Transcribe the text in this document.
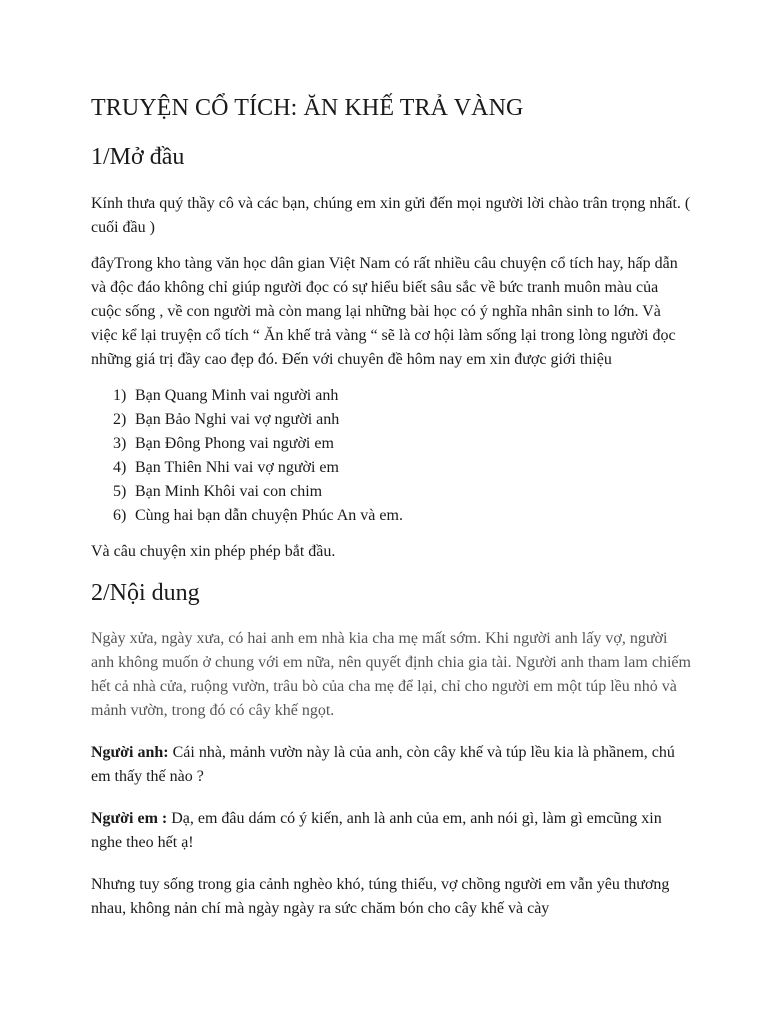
TRUYỆN CỔ TÍCH: ĂN KHẾ TRẢ VÀNG
1/Mở đầu

Kính thưa quý thầy cô và các bạn, chúng em xin gửi đến mọi người lời chào trân trọng nhất. ( cuối đầu )

đâyTrong kho tàng văn học dân gian Việt Nam có rất nhiều câu chuyện cổ tích hay, hấp dẫn và độc đáo không chỉ giúp người đọc có sự hiểu biết sâu sắc về bức tranh muôn màu của cuộc sống , về con người mà còn mang lại những bài học có ý nghĩa nhân sinh to lớn. Và việc kể lại truyện cổ tích “ Ăn khế trả vàng “ sẽ là cơ hội làm sống lại trong lòng người đọc những giá trị đầy cao đẹp đó. Đến với chuyên đề hôm nay em xin được giới thiệu

1) Bạn Quang Minh vai người anh
2) Bạn Bảo Nghi vai vợ người anh
3) Bạn Đông Phong vai người em
4) Bạn Thiên Nhi vai vợ người em
5) Bạn Minh Khôi vai con chim
6) Cùng hai bạn dẫn chuyện Phúc An và em.

Và câu chuyện xin phép phép bắt đầu.

2/Nội dung

Ngày xửa, ngày xưa, có hai anh em nhà kia cha mẹ mất sớm. Khi người anh lấy vợ, người anh không muốn ở chung với em nữa, nên quyết định chia gia tài. Người anh tham lam chiếm hết cả nhà cửa, ruộng vườn, trâu bò của cha mẹ để lại, chỉ cho người em một túp lều nhỏ và mảnh vườn, trong đó có cây khế ngọt.

Người anh: Cái nhà, mảnh vườn này là của anh, còn cây khế và túp lều kia là phầnem, chú em thấy thế nào ?

Người em : Dạ, em đâu dám có ý kiến, anh là anh của em, anh nói gì, làm gì emcũng xin nghe theo hết ạ!

Nhưng tuy sống trong gia cảnh nghèo khó, túng thiếu, vợ chồng người em vẫn yêu thương nhau, không nản chí mà ngày ngày ra sức chăm bón cho cây khế và cày
